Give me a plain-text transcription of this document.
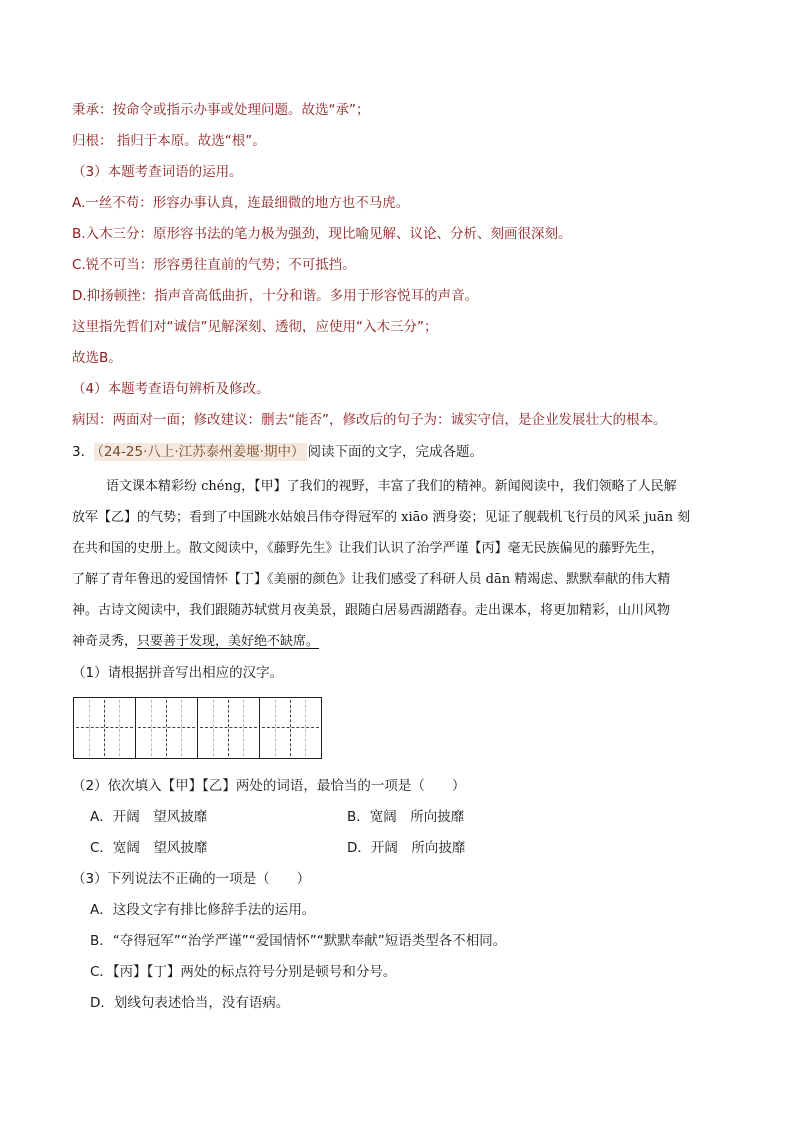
秉承：按命令或指示办事或处理问题。故选“承”；
归根： 指归于本原。故选“根”。
（3）本题考查词语的运用。
A.一丝不苟：形容办事认真，连最细微的地方也不马虎。
B.入木三分：原形容书法的笔力极为强劲，现比喻见解、议论、分析、刻画很深刻。
C.锐不可当：形容勇往直前的气势；不可抵挡。
D.抑扬顿挫：指声音高低曲折，十分和谐。多用于形容悦耳的声音。
这里指先哲们对“诚信”见解深刻、透彻，应使用“入木三分”；
故选B。
（4）本题考查语句辨析及修改。
病因：两面对一面；修改建议：删去“能否”，修改后的句子为：诚实守信，是企业发展壮大的根本。
3． （24-25·八上·江苏泰州姜堰·期中） 阅读下面的文字，完成各题。
语文课本精彩纷 chéng，【甲】了我们的视野，丰富了我们的精神。新闻阅读中，我们领略了人民解
放军【乙】的气势；看到了中国跳水姑娘吕伟夺得冠军的 xiāo 洒身姿；见证了舰载机飞行员的风采 juān 刻
在共和国的史册上。散文阅读中，《藤野先生》让我们认识了治学严谨【丙】毫无民族偏见的藤野先生，
了解了青年鲁迅的爱国情怀【丁】《美丽的颜色》让我们感受了科研人员 dān 精竭虑、默默奉献的伟大精
神。古诗文阅读中，我们跟随苏轼赏月夜美景，跟随白居易西湖踏春。走出课本，将更加精彩，山川风物
神奇灵秀，只要善于发现，美好绝不缺席。
（1）请根据拼音写出相应的汉字。
（2）依次填入【甲】【乙】两处的词语，最恰当的一项是（　　）
A．开阔　望风披靡	B．宽阔　所向披靡
C．宽阔　望风披靡	D．开阔　所向披靡
（3）下列说法不正确的一项是（　　）
A．这段文字有排比修辞手法的运用。
B．“夺得冠军”“治学严谨”“爱国情怀”“默默奉献”短语类型各不相同。
C．【丙】【丁】两处的标点符号分别是顿号和分号。
D．划线句表述恰当，没有语病。
